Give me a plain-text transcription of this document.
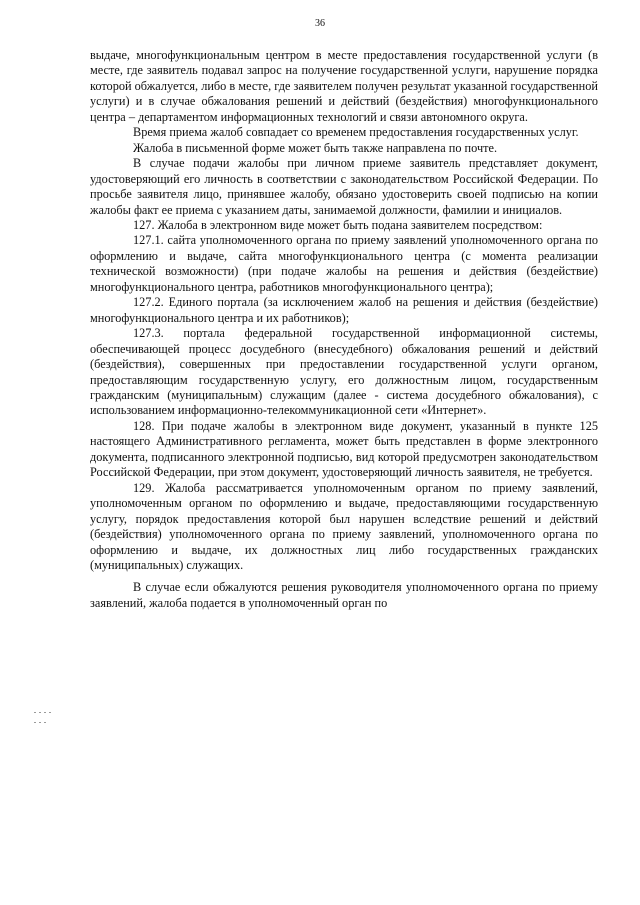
36

выдаче, многофункциональным центром в месте предоставления государственной услуги (в месте, где заявитель подавал запрос на получение государственной услуги, нарушение порядка которой обжалуется, либо в месте, где заявителем получен результат указанной государственной услуги) и в случае обжалования решений и действий (бездействия) многофункционального центра – департаментом информационных технологий и связи автономного округа.

Время приема жалоб совпадает со временем предоставления государственных услуг.

Жалоба в письменной форме может быть также направлена по почте.

В случае подачи жалобы при личном приеме заявитель представляет документ, удостоверяющий его личность в соответствии с законодательством Российской Федерации. По просьбе заявителя лицо, принявшее жалобу, обязано удостоверить своей подписью на копии жалобы факт ее приема с указанием даты, занимаемой должности, фамилии и инициалов.

127. Жалоба в электронном виде может быть подана заявителем посредством:

127.1. сайта уполномоченного органа по приему заявлений уполномоченного органа по оформлению и выдаче, сайта многофункционального центра (с момента реализации технической возможности) (при подаче жалобы на решения и действия (бездействие) многофункционального центра, работников многофункционального центра);

127.2. Единого портала (за исключением жалоб на решения и действия (бездействие) многофункционального центра и их работников);

127.3. портала федеральной государственной информационной системы, обеспечивающей процесс досудебного (внесудебного) обжалования решений и действий (бездействия), совершенных при предоставлении государственной услуги органом, предоставляющим государственную услугу, его должностным лицом, государственным гражданским (муниципальным) служащим (далее - система досудебного обжалования), с использованием информационно-телекоммуникационной сети «Интернет».

128. При подаче жалобы в электронном виде документ, указанный в пункте 125 настоящего Административного регламента, может быть представлен в форме электронного документа, подписанного электронной подписью, вид которой предусмотрен законодательством Российской Федерации, при этом документ, удостоверяющий личность заявителя, не требуется.

129. Жалоба рассматривается уполномоченным органом по приему заявлений, уполномоченным органом по оформлению и выдаче, предоставляющими государственную услугу, порядок предоставления которой был нарушен вследствие решений и действий (бездействия) уполномоченного органа по приему заявлений, уполномоченного органа по оформлению и выдаче, их должностных лиц либо государственных гражданских (муниципальных) служащих.

В случае если обжалуются решения руководителя уполномоченного органа по приему заявлений, жалоба подается в уполномоченный орган по
